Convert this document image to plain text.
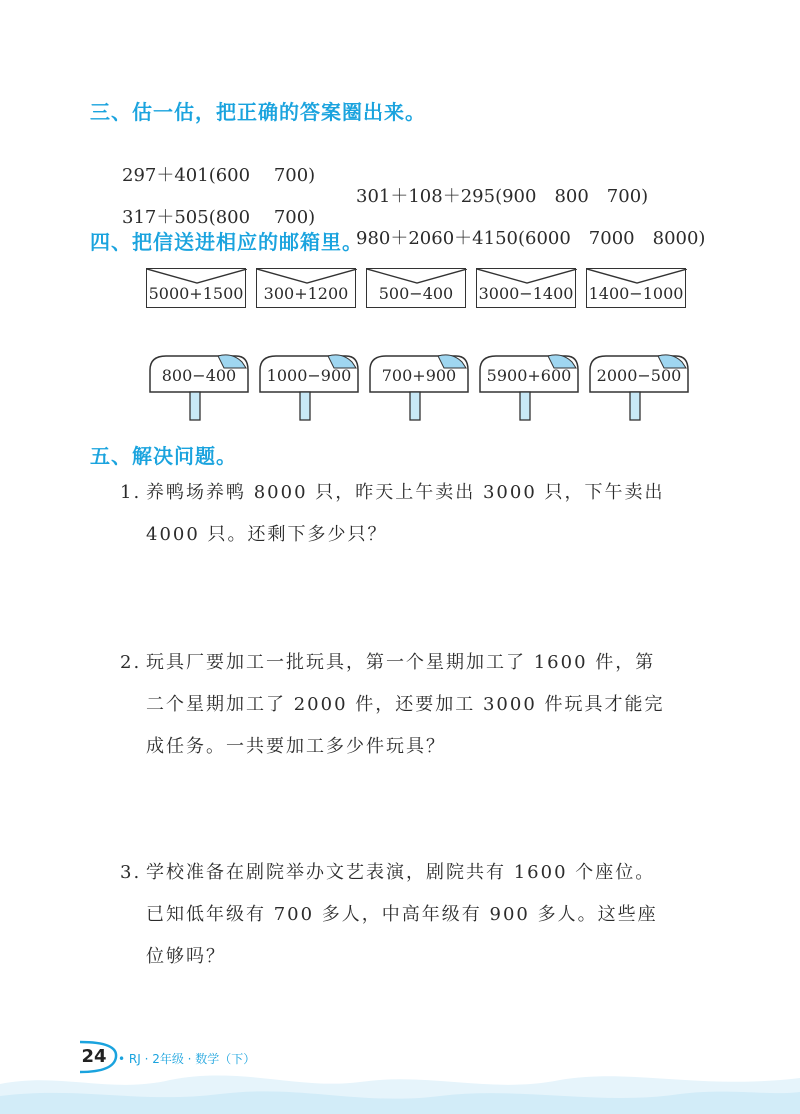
三、估一估，把正确的答案圈出来。

297＋401(600　 700)

301＋108＋295(900　800　700)

317＋505(800　 700)

980＋2060＋4150(6000　7000　8000)

四、把信送进相应的邮箱里。
5000+1500	300+1200	500−400	3000−1400 1400−1000
800−400	1000−900	700+900	5900+600 2000−500
五、解决问题。
1. 养鸭场养鸭 8000 只，昨天上午卖出 3000 只，下午卖出
4000 只。还剩下多少只？
2. 玩具厂要加工一批玩具，第一个星期加工了 1600 件，第
二个星期加工了 2000 件，还要加工 3000 件玩具才能完
成任务。一共要加工多少件玩具？
3. 学校准备在剧院举办文艺表演，剧院共有 1600 个座位。
已知低年级有 700 多人，中高年级有 900 多人。这些座
位够吗？
24 • RJ · 2年级 · 数学（下）
